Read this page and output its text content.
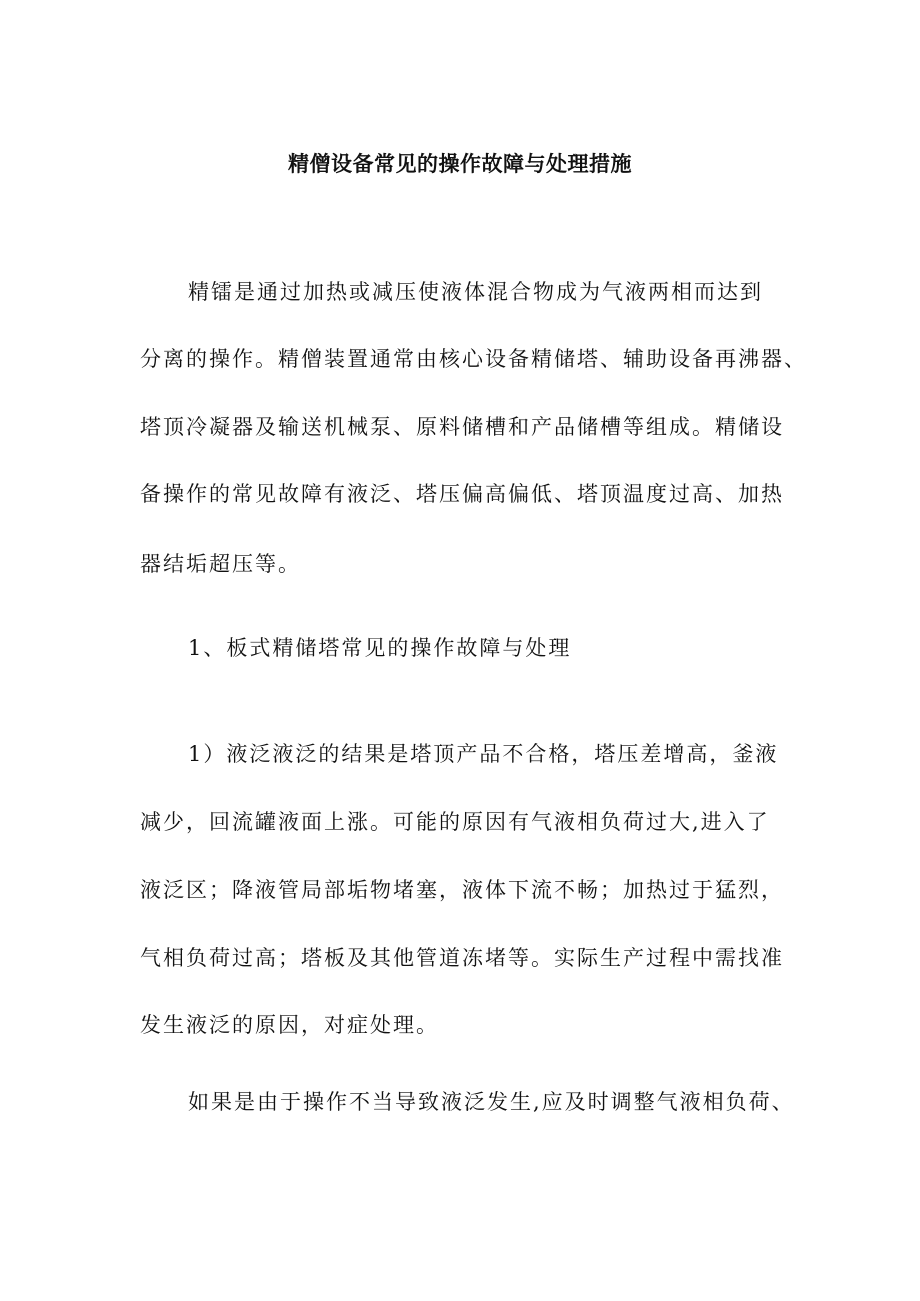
精僧设备常见的操作故障与处理措施
精镭是通过加热或减压使液体混合物成为气液两相而达到
分离的操作。精僧装置通常由核心设备精储塔、辅助设备再沸器、
塔顶冷凝器及输送机械泵、原料储槽和产品储槽等组成。精储设
备操作的常见故障有液泛、塔压偏高偏低、塔顶温度过高、加热
器结垢超压等。
1、板式精储塔常见的操作故障与处理
1）液泛液泛的结果是塔顶产品不合格，塔压差增高，釜液
减少，回流罐液面上涨。可能的原因有气液相负荷过大,进入了
液泛区；降液管局部垢物堵塞，液体下流不畅；加热过于猛烈，
气相负荷过高；塔板及其他管道冻堵等。实际生产过程中需找准
发生液泛的原因，对症处理。
如果是由于操作不当导致液泛发生,应及时调整气液相负荷、
